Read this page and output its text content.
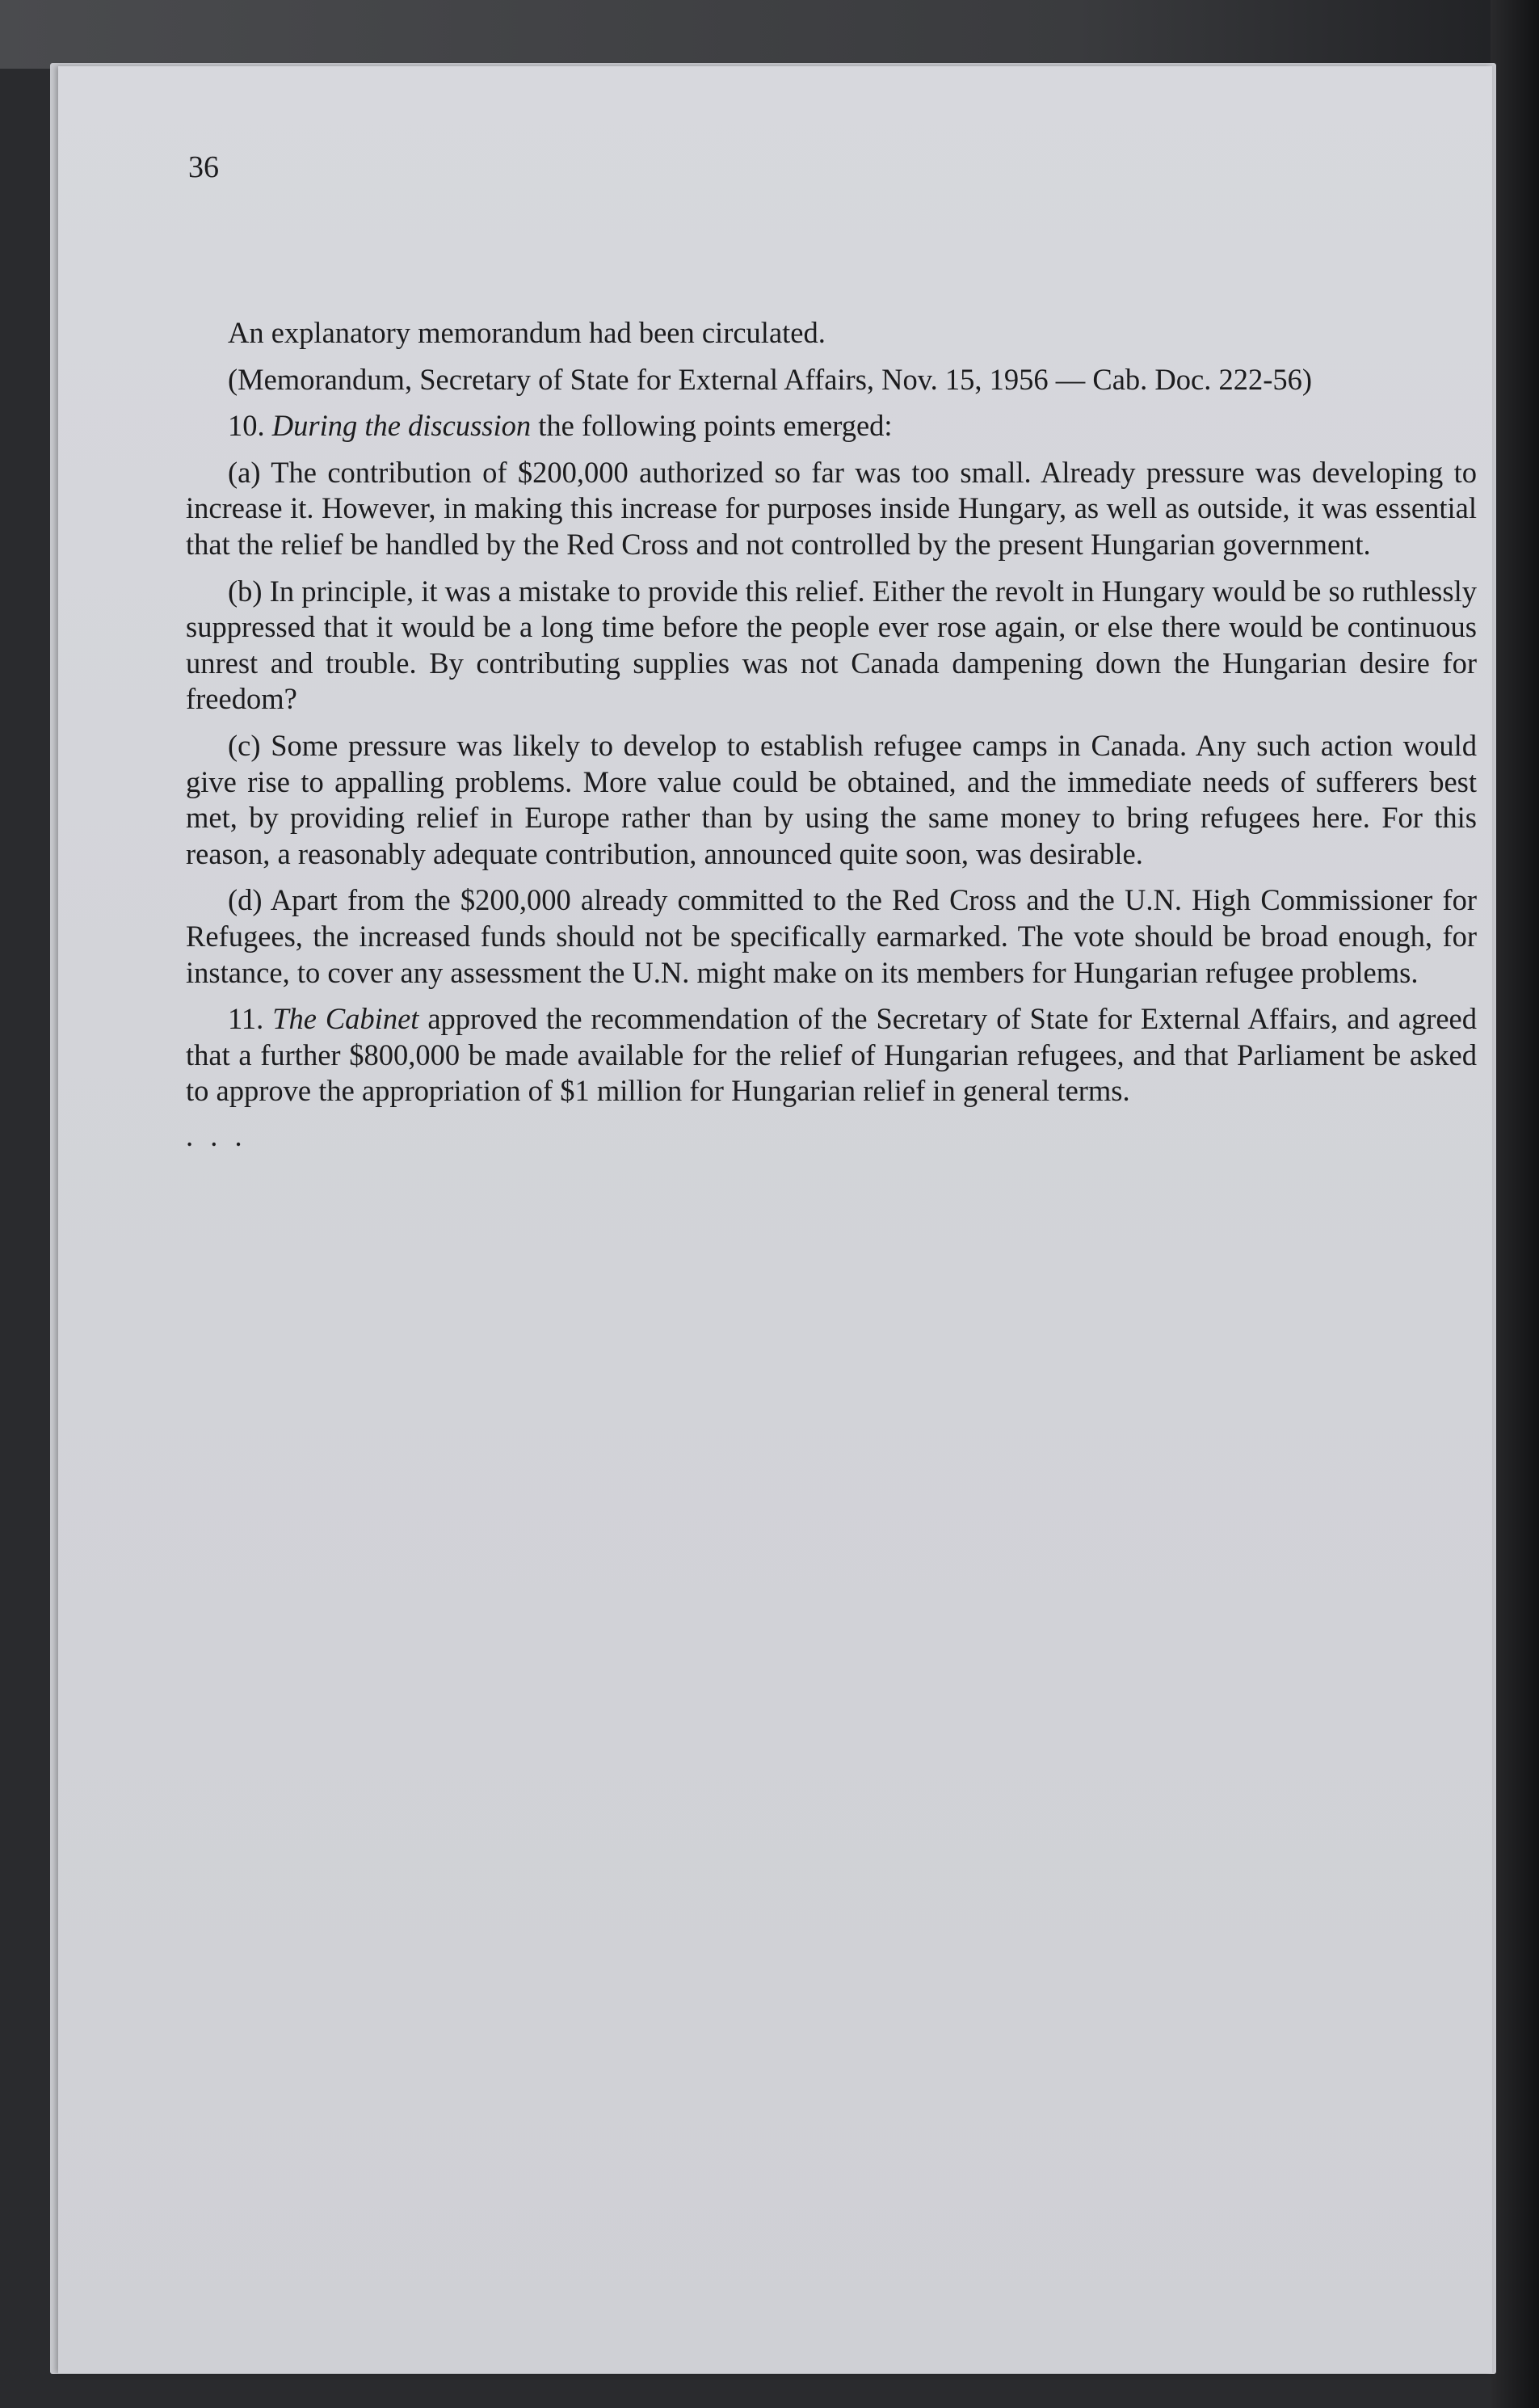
36

An explanatory memorandum had been circulated.

(Memorandum, Secretary of State for External Affairs, Nov. 15, 1956 — Cab. Doc. 222-56)

10. During the discussion the following points emerged:

(a) The contribution of $200,000 authorized so far was too small. Already pressure was developing to increase it. However, in making this increase for purposes inside Hungary, as well as outside, it was essential that the relief be handled by the Red Cross and not controlled by the present Hungarian government.

(b) In principle, it was a mistake to provide this relief. Either the revolt in Hungary would be so ruthlessly suppressed that it would be a long time before the people ever rose again, or else there would be continuous unrest and trouble. By contributing supplies was not Canada dampening down the Hungarian desire for freedom?

(c) Some pressure was likely to develop to establish refugee camps in Canada. Any such action would give rise to appalling problems. More value could be obtained, and the immediate needs of sufferers best met, by providing relief in Europe rather than by using the same money to bring refugees here. For this reason, a reasonably adequate contribution, announced quite soon, was desirable.

(d) Apart from the $200,000 already committed to the Red Cross and the U.N. High Commissioner for Refugees, the increased funds should not be specifically earmarked. The vote should be broad enough, for instance, to cover any assessment the U.N. might make on its members for Hungarian refugee problems.

11. The Cabinet approved the recommendation of the Secretary of State for External Affairs, and agreed that a further $800,000 be made available for the relief of Hungarian refugees, and that Parliament be asked to approve the appropriation of $1 million for Hungarian relief in general terms.

. . .
